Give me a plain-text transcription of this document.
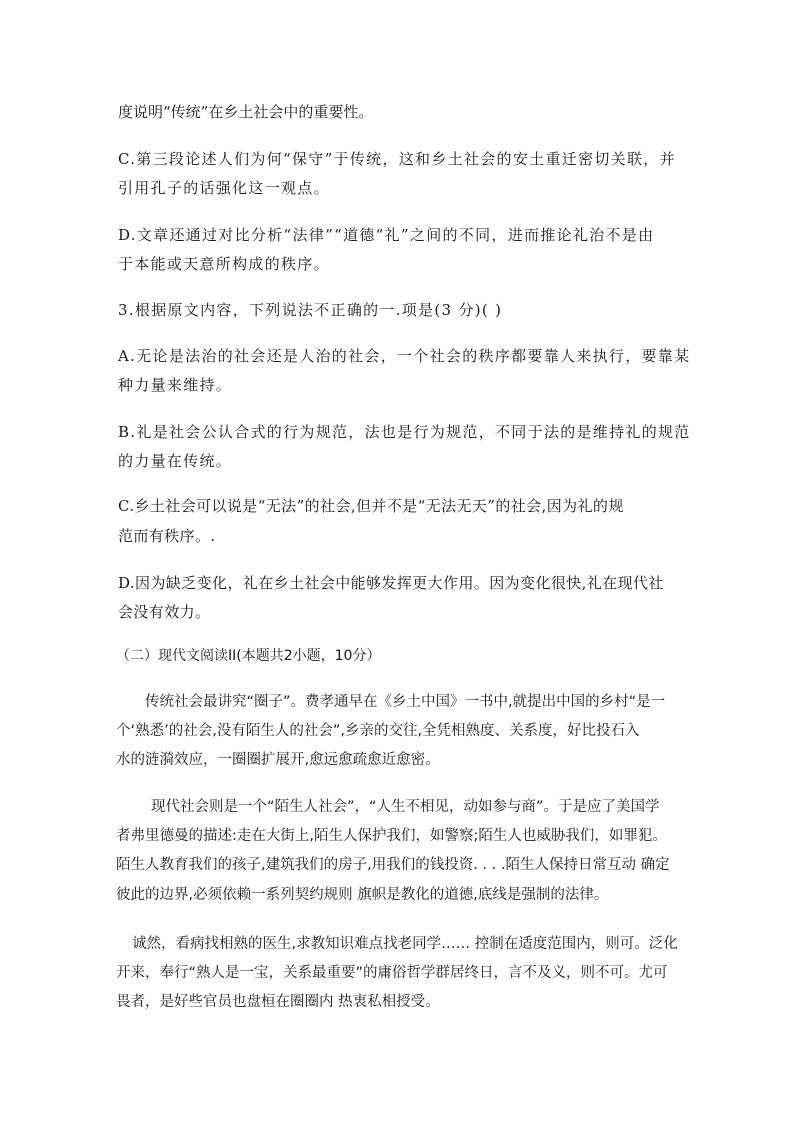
度说明“传统”在乡土社会中的重要性。
C.第三段论述人们为何“保守”于传统，这和乡土社会的安土重迁密切关联，并
引用孔子的话强化这一观点。
D.文章还通过对比分析“法律”“道德“礼”之间的不同，进而推论礼治不是由
于本能或天意所构成的秩序。
3.根据原文内容，下列说法不正确的一.项是(3 分)( )
A.无论是法治的社会还是人治的社会，一个社会的秩序都要靠人来执行，要靠某
种力量来维持。
B.礼是社会公认合式的行为规范，法也是行为规范，不同于法的是维持礼的规范
的力量在传统。
C.乡土社会可以说是“无法”的社会,但并不是“无法无天”的社会,因为礼的规
范而有秩序。.
D.因为缺乏变化，礼在乡土社会中能够发挥更大作用。因为变化很快,礼在现代社
会没有效力。
（二）现代文阅读II(本题共2小题，10分）
传统社会最讲究“圈子”。费孝通早在《乡土中国》一书中,就提出中国的乡村“是一
个‘熟悉’的社会,没有陌生人的社会”,乡亲的交往,全凭相熟度、关系度，好比投石入
水的涟漪效应，一圈圈扩展开,愈远愈疏愈近愈密。
现代社会则是一个“陌生人社会”，“人生不相见，动如参与商”。于是应了美国学
者弗里德曼的描述:走在大街上,陌生人保护我们，如警察;陌生人也威胁我们，如罪犯。
陌生人教育我们的孩子,建筑我们的房子,用我们的钱投资. . . .陌生人保持日常互动 确定
彼此的边界,必须依赖一系列契约规则 旗帜是教化的道德,底线是强制的法律。
诚然，看病找相熟的医生,求教知识难点找老同学…… 控制在适度范围内，则可。泛化
开来，奉行“熟人是一宝，关系最重要”的庸俗哲学群居终日，言不及义，则不可。尤可
畏者，是好些官员也盘桓在圈圈内 热衷私相授受。
